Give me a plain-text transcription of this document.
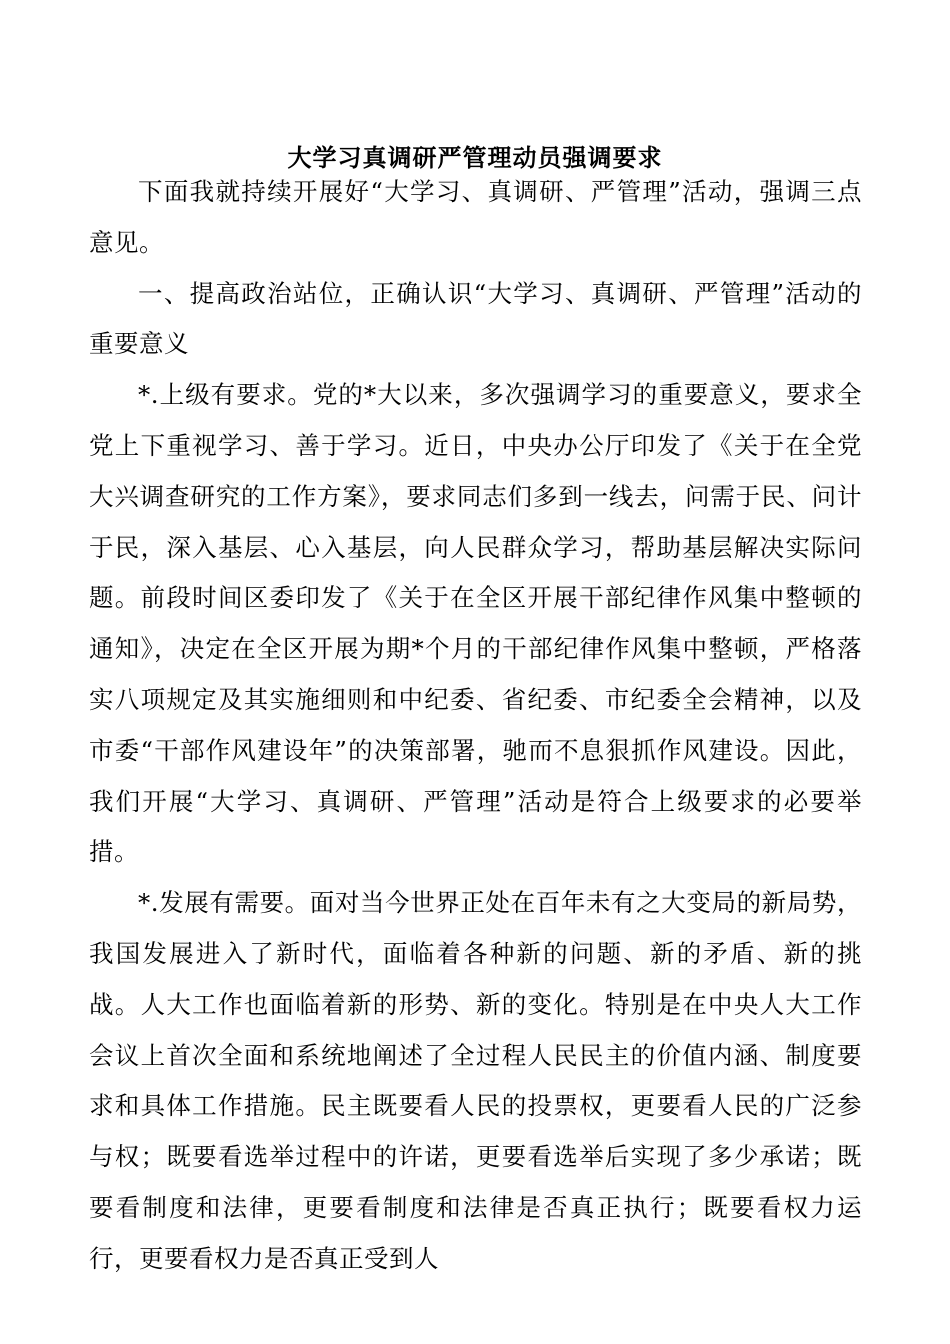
大学习真调研严管理动员强调要求

下面我就持续开展好“大学习、真调研、严管理”活动，强调三点意见。

一、提高政治站位，正确认识“大学习、真调研、严管理”活动的重要意义

*.上级有要求。党的*大以来，多次强调学习的重要意义，要求全党上下重视学习、善于学习。近日，中央办公厅印发了《关于在全党大兴调查研究的工作方案》，要求同志们多到一线去，问需于民、问计于民，深入基层、心入基层，向人民群众学习，帮助基层解决实际问题。前段时间区委印发了《关于在全区开展干部纪律作风集中整顿的通知》，决定在全区开展为期*个月的干部纪律作风集中整顿，严格落实八项规定及其实施细则和中纪委、省纪委、市纪委全会精神，以及市委“干部作风建设年”的决策部署，驰而不息狠抓作风建设。因此，我们开展“大学习、真调研、严管理”活动是符合上级要求的必要举措。

*.发展有需要。面对当今世界正处在百年未有之大变局的新局势，我国发展进入了新时代，面临着各种新的问题、新的矛盾、新的挑战。人大工作也面临着新的形势、新的变化。特别是在中央人大工作会议上首次全面和系统地阐述了全过程人民民主的价值内涵、制度要求和具体工作措施。民主既要看人民的投票权，更要看人民的广泛参与权；既要看选举过程中的许诺，更要看选举后实现了多少承诺；既要看制度和法律，更要看制度和法律是否真正执行；既要看权力运行，更要看权力是否真正受到人
